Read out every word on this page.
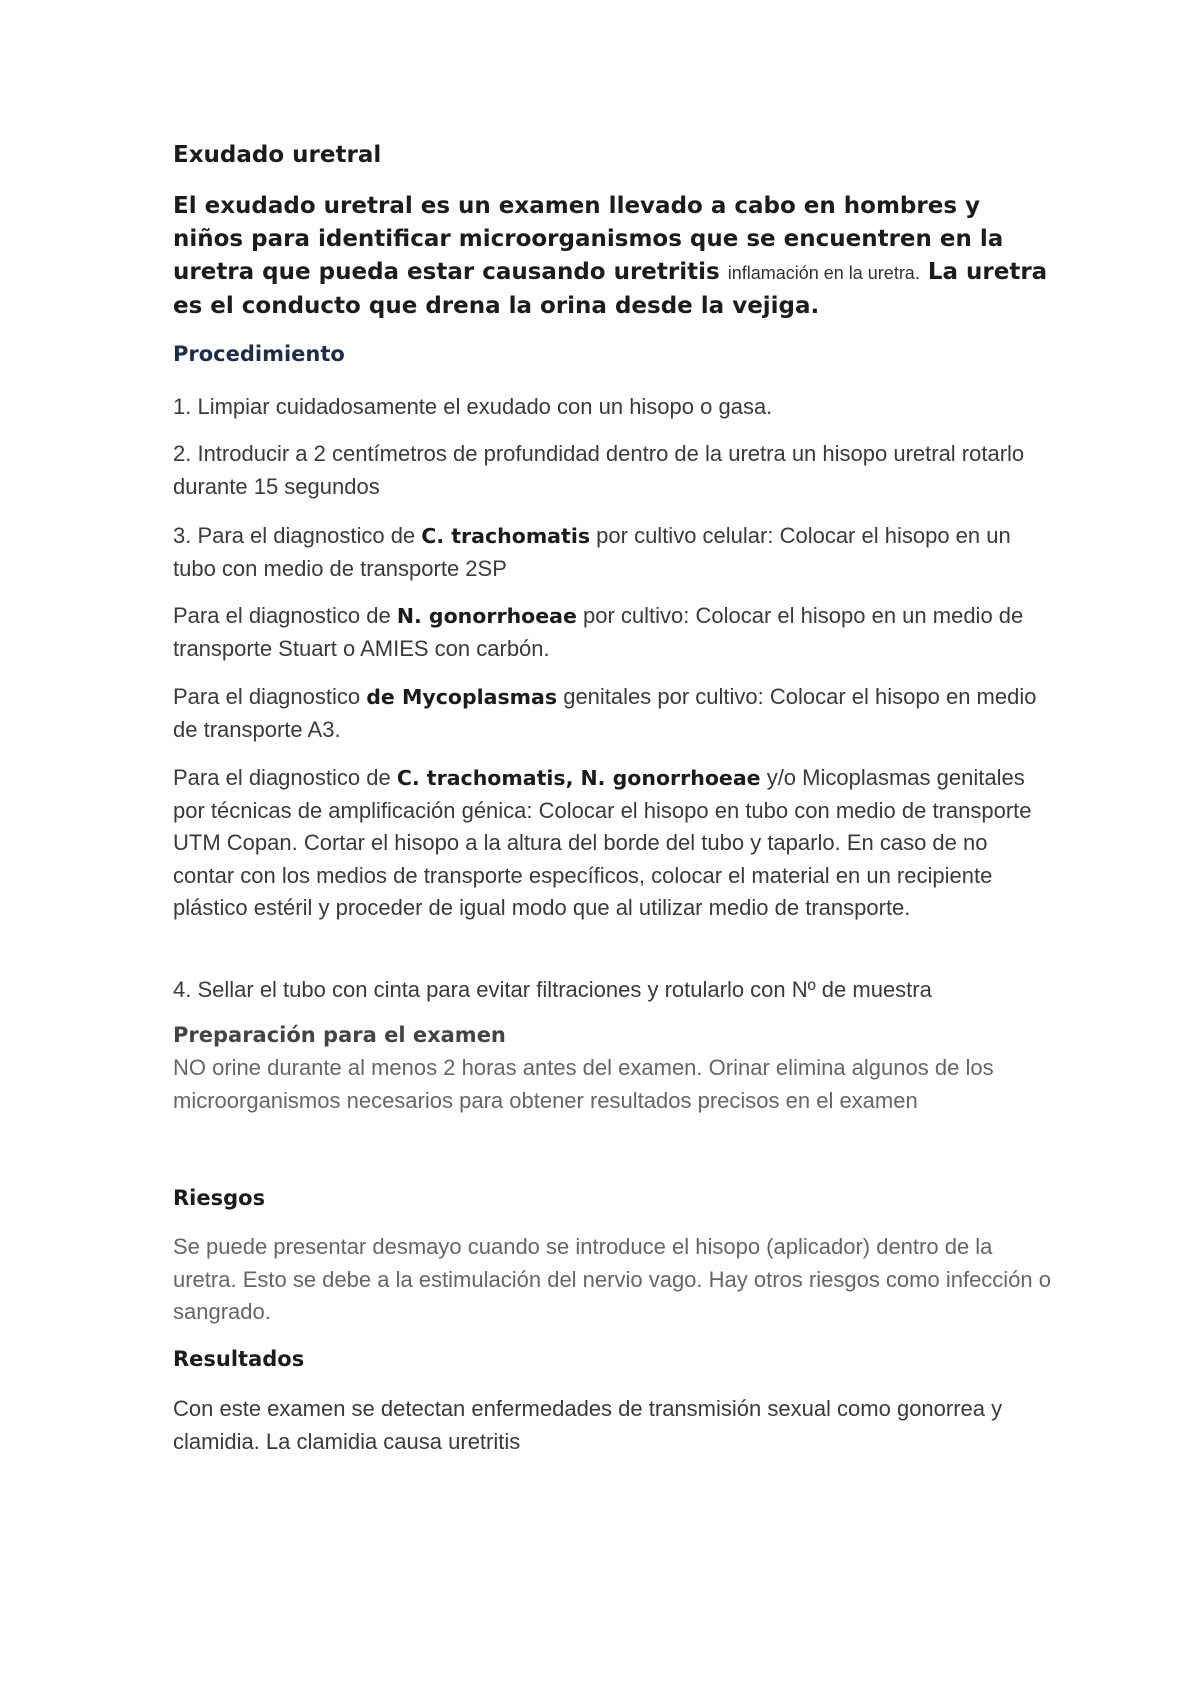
Exudado uretral

El exudado uretral es un examen llevado a cabo en hombres y niños para identificar microorganismos que se encuentren en la uretra que pueda estar causando uretritis inflamación en la uretra. La uretra es el conducto que drena la orina desde la vejiga.

Procedimiento

1. Limpiar cuidadosamente el exudado con un hisopo o gasa.

2. Introducir a 2 centímetros de profundidad dentro de la uretra un hisopo uretral rotarlo durante 15 segundos

3. Para el diagnostico de C. trachomatis por cultivo celular: Colocar el hisopo en un tubo con medio de transporte 2SP

Para el diagnostico de N. gonorrhoeae por cultivo: Colocar el hisopo en un medio de transporte Stuart o AMIES con carbón.

Para el diagnostico de Mycoplasmas genitales por cultivo: Colocar el hisopo en medio de transporte A3.

Para el diagnostico de C. trachomatis, N. gonorrhoeae y/o Micoplasmas genitales por técnicas de amplificación génica: Colocar el hisopo en tubo con medio de transporte UTM Copan. Cortar el hisopo a la altura del borde del tubo y taparlo. En caso de no contar con los medios de transporte específicos, colocar el material en un recipiente plástico estéril y proceder de igual modo que al utilizar medio de transporte.

4. Sellar el tubo con cinta para evitar filtraciones y rotularlo con Nº de muestra

Preparación para el examen

NO orine durante al menos 2 horas antes del examen. Orinar elimina algunos de los microorganismos necesarios para obtener resultados precisos en el examen

Riesgos

Se puede presentar desmayo cuando se introduce el hisopo (aplicador) dentro de la uretra. Esto se debe a la estimulación del nervio vago. Hay otros riesgos como infección o sangrado.

Resultados

Con este examen se detectan enfermedades de transmisión sexual como gonorrea y clamidia. La clamidia causa uretritis
